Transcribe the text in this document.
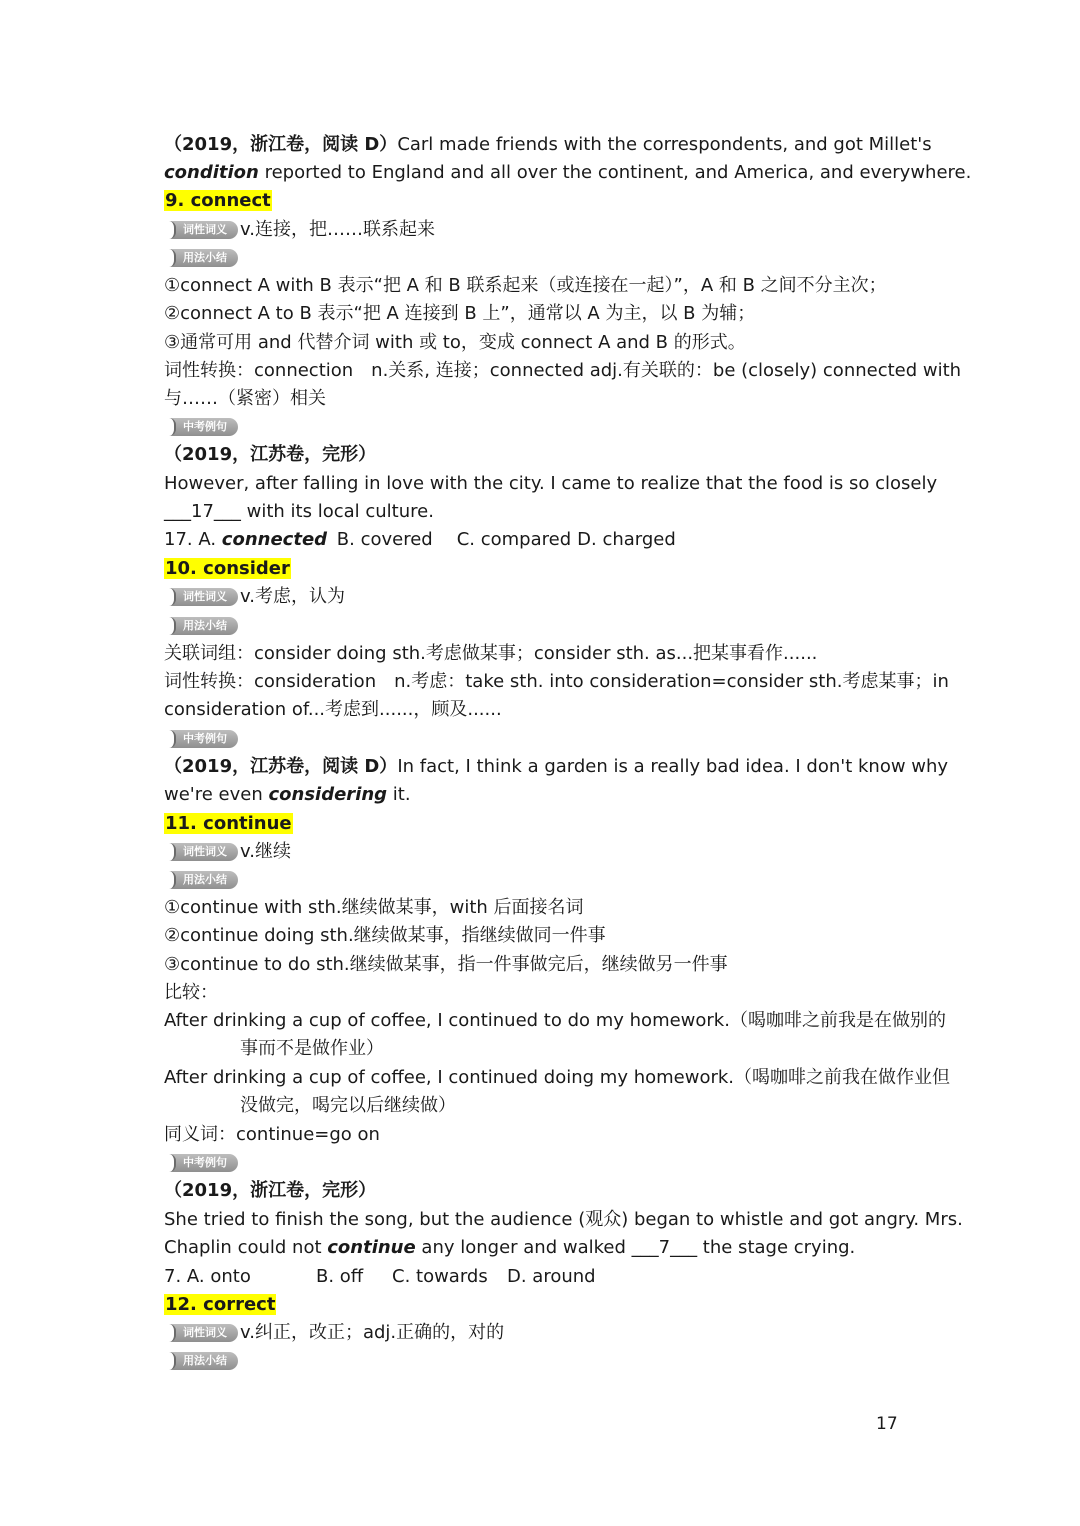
（2019，浙江卷，阅读 D）Carl made friends with the correspondents, and got Millet's
condition reported to England and all over the continent, and America, and everywhere.
9. connect
词性词义 v.连接，把……联系起来
用法小结
①connect A with B 表示“把 A 和 B 联系起来（或连接在一起）”，A 和 B 之间不分主次；
②connect A to B 表示“把 A 连接到 B 上”，通常以 A 为主，以 B 为辅；
③通常可用 and 代替介词 with 或 to，变成 connect A and B 的形式。
词性转换：connection　n.关系, 连接；connected adj.有关联的：be (closely) connected with
与……（紧密）相关
中考例句
（2019，江苏卷，完形）
However, after falling in love with the city. I came to realize that the food is so closely
___17___ with its local culture.
17. A. connected B. covered C. compared D. charged
10. consider
词性词义 v.考虑，认为
用法小结
关联词组：consider doing sth.考虑做某事；consider sth. as...把某事看作......
词性转换：consideration　n.考虑：take sth. into consideration=consider sth.考虑某事；in
consideration of...考虑到......，顾及......
中考例句
（2019，江苏卷，阅读 D）In fact, I think a garden is a really bad idea. I don't know why
we're even considering it.
11. continue
词性词义 v.继续
用法小结
①continue with sth.继续做某事，with 后面接名词
②continue doing sth.继续做某事，指继续做同一件事
③continue to do sth.继续做某事，指一件事做完后，继续做另一件事
比较：
After drinking a cup of coffee, I continued to do my homework.（喝咖啡之前我是在做别的
事而不是做作业）
After drinking a cup of coffee, I continued doing my homework.（喝咖啡之前我在做作业但
没做完，喝完以后继续做）
同义词：continue=go on
中考例句
（2019，浙江卷，完形）
She tried to finish the song, but the audience (观众) began to whistle and got angry. Mrs.
Chaplin could not continue any longer and walked ___7___ the stage crying.
7. A. onto	B. off C. towards D. around
12. correct
词性词义 v.纠正，改正；adj.正确的，对的
用法小结
17
